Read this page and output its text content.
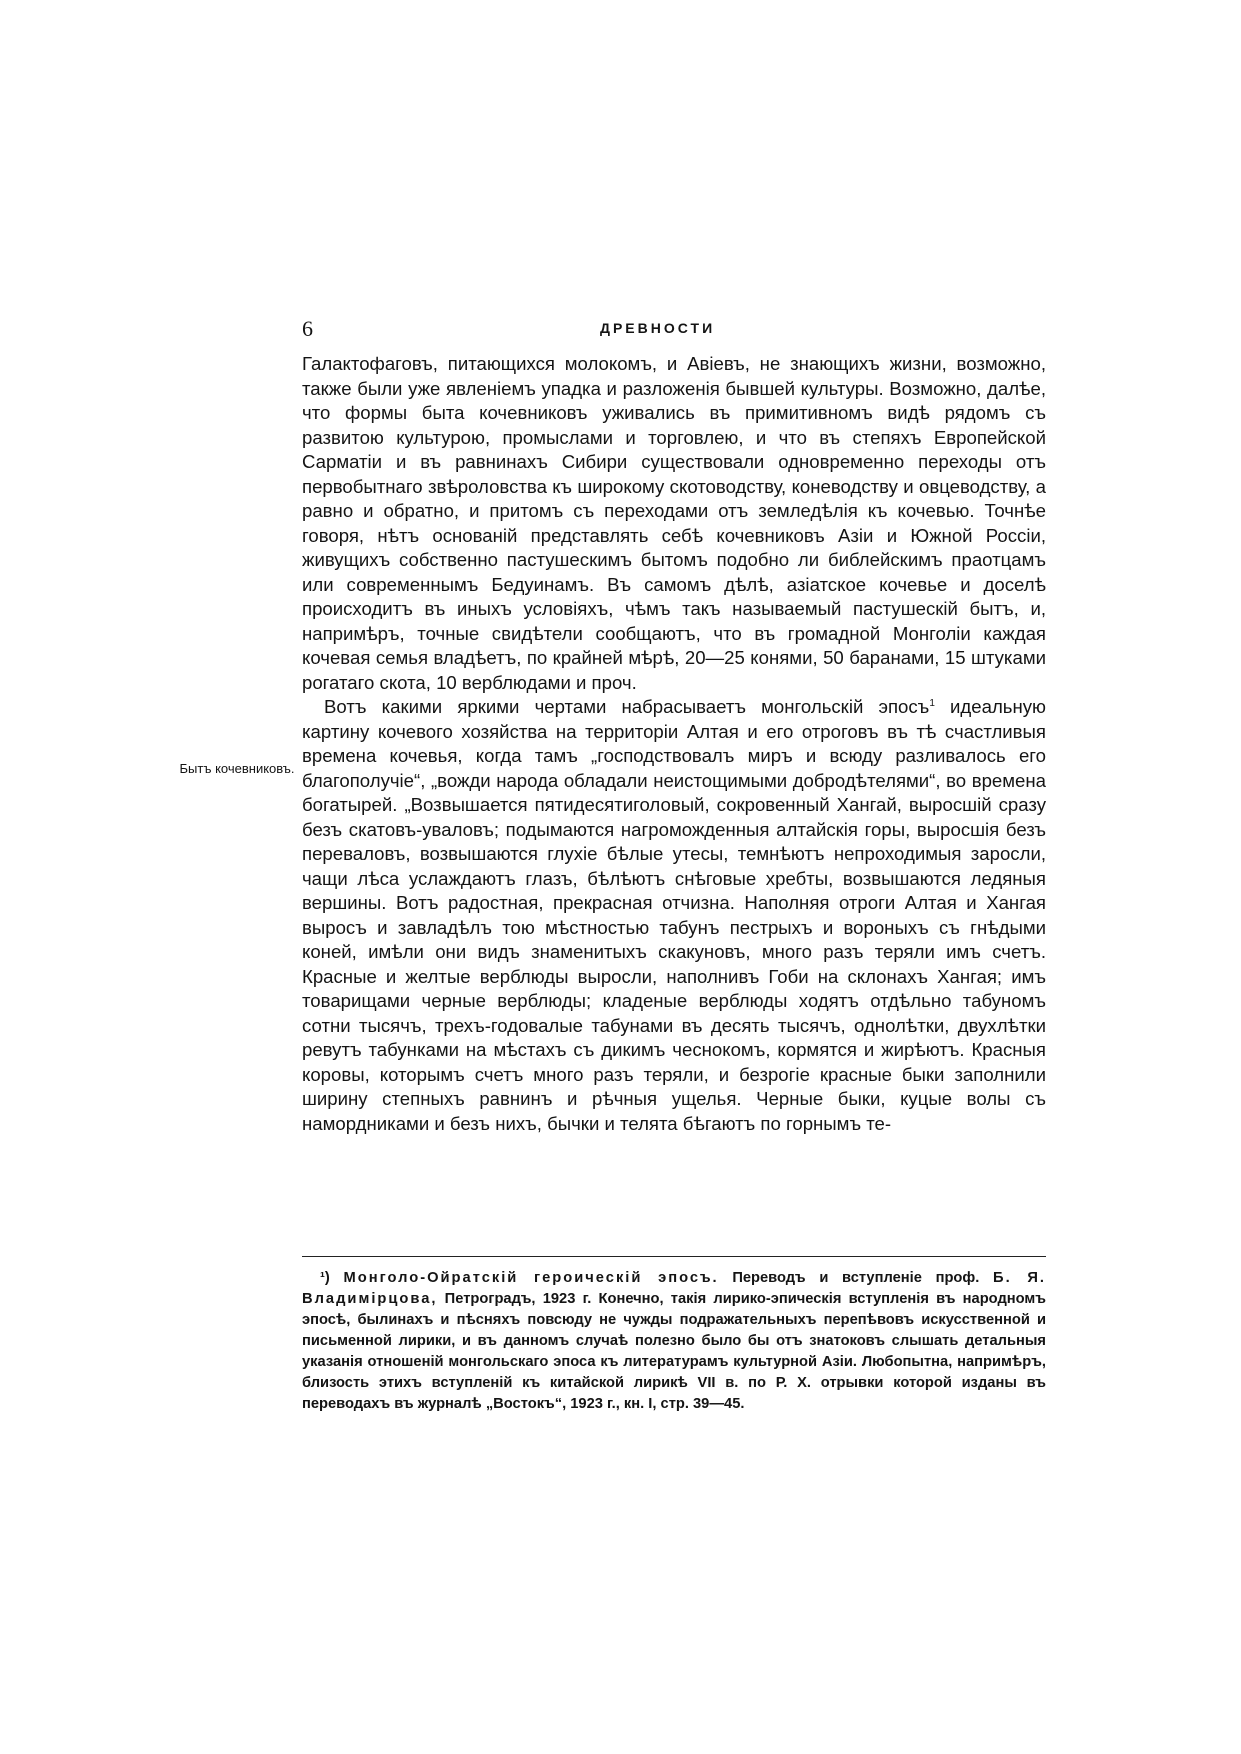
6	ДРЕВНОСТИ
Бытъ кочевниковъ.

Галактофаговъ, питающихся молокомъ, и Авіевъ, не знающихъ жизни, возможно, также были уже явленіемъ упадка и разложенія бывшей культуры. Возможно, далѣе, что формы быта кочевниковъ уживались въ примитивномъ видѣ рядомъ съ развитою культурою, промыслами и торговлею, и что въ степяхъ Европейской Сарматіи и въ равнинахъ Сибири существовали одновременно переходы отъ первобытнаго звѣроловства къ широкому скотоводству, коневодству и овцеводству, а равно и обратно, и притомъ съ переходами отъ земледѣлія къ кочевью. Точнѣе говоря, нѣтъ основаній представлять себѣ кочевниковъ Азіи и Южной Россіи, живущихъ собственно пастушескимъ бытомъ подобно ли библейскимъ праотцамъ или современнымъ Бедуинамъ. Въ самомъ дѣлѣ, азіатское кочевье и доселѣ происходитъ въ иныхъ условіяхъ, чѣмъ такъ называемый пастушескій бытъ, и, напримѣръ, точные свидѣтели сообщаютъ, что въ громадной Монголіи каждая кочевая семья владѣетъ, по крайней мѣрѣ, 20—25 конями, 50 баранами, 15 штуками рогатаго скота, 10 верблюдами и проч.

Вотъ какими яркими чертами набрасываетъ монгольскій эпосъ$^1$ идеальную картину кочевого хозяйства на территоріи Алтая и его отроговъ въ тѣ счастливыя времена кочевья, когда тамъ „господствовалъ миръ и всюду разливалось его благополучіе“, „вожди народа обладали неистощимыми добродѣтелями“, во времена богатырей. „Возвышается пятидесятиголовый, сокровенный Хангай, выросшій сразу безъ скатовъ-уваловъ; подымаются нагроможденныя алтайскія горы, выросшія безъ переваловъ, возвышаются глухіе бѣлые утесы, темнѣютъ непроходимыя заросли, чащи лѣса услаждаютъ глазъ, бѣлѣютъ снѣговые хребты, возвышаются ледяныя вершины. Вотъ радостная, прекрасная отчизна. Наполняя отроги Алтая и Хангая выросъ и завладѣлъ тою мѣстностью табунъ пестрыхъ и вороныхъ съ гнѣдыми коней, имѣли они видъ знаменитыхъ скакуновъ, много разъ теряли имъ счетъ. Красные и желтые верблюды выросли, наполнивъ Гоби на склонахъ Хангая; имъ товарищами черные верблюды; кладеные верблюды ходятъ отдѣльно табуномъ сотни тысячъ, трехъ-годовалые табунами въ десять тысячъ, однолѣтки, двухлѣтки ревутъ табунками на мѣстахъ съ дикимъ чеснокомъ, кормятся и жирѣютъ. Красныя коровы, которымъ счетъ много разъ теряли, и безрогіе красные быки заполнили ширину степныхъ равнинъ и рѣчныя ущелья. Черные быки, куцые волы съ намордниками и безъ нихъ, бычки и телята бѣгаютъ по горнымъ те-

¹) Монголо-Ойратскій героическій эпосъ. Переводъ и вступленіе проф. Б. Я. Владимірцова, Петроградъ, 1923 г. Конечно, такія лирико-эпическія вступленія въ народномъ эпосѣ, былинахъ и пѣсняхъ повсюду не чужды подражательныхъ перепѣвовъ искусственной и письменной лирики, и въ данномъ случаѣ полезно было бы отъ знатоковъ слышать детальныя указанія отношеній монгольскаго эпоса къ литературамъ культурной Азіи. Любопытна, напримѣръ, близость этихъ вступленій къ китайской лирикѣ VII в. по Р. Х. отрывки которой изданы въ переводахъ въ журналѣ „Востокъ“, 1923 г., кн. I, стр. 39—45.
